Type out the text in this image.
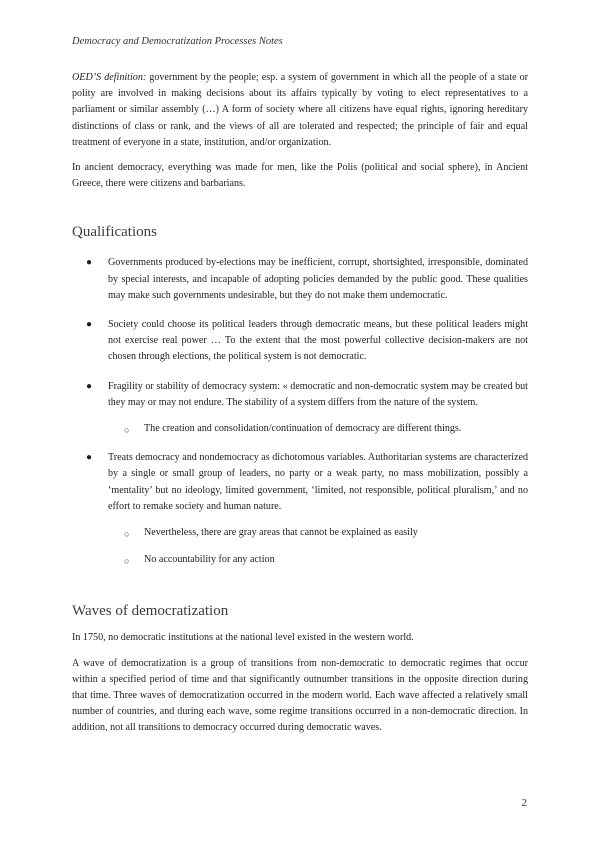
Democracy and Democratization Processes Notes

OED’S definition: government by the people; esp. a system of government in which all the people of a state or polity are involved in making decisions about its affairs typically by voting to elect representatives to a parliament or similar assembly (…) A form of society where all citizens have equal rights, ignoring hereditary distinctions of class or rank, and the views of all are tolerated and respected; the principle of fair and equal treatment of everyone in a state, institution, and/or organization.

In ancient democracy, everything was made for men, like the Polis (political and social sphere), in Ancient Greece, there were citizens and barbarians.

Qualifications
● Governments produced by-elections may be inefficient, corrupt, shortsighted, irresponsible, dominated by special interests, and incapable of adopting policies demanded by the public good. These qualities may make such governments undesirable, but they do not make them undemocratic.
● Society could choose its political leaders through democratic means, but these political leaders might not exercise real power … To the extent that the most powerful collective decision-makers are not chosen through elections, the political system is not democratic.
● Fragility or stability of democracy system: « democratic and non-democratic system may be created but they may or may not endure. The stability of a system differs from the nature of the system.
○ The creation and consolidation/continuation of democracy are different things.
● Treats democracy and nondemocracy as dichotomous variables. Authoritarian systems are characterized by a single or small group of leaders, no party or a weak party, no mass mobilization, possibly a ‘mentality’ but no ideology, limited government, ‘limited, not responsible, political pluralism,’ and no effort to remake society and human nature.
○ Nevertheless, there are gray areas that cannot be explained as easily
○ No accountability for any action
Waves of democratization

In 1750, no democratic institutions at the national level existed in the western world.

A wave of democratization is a group of transitions from non-democratic to democratic regimes that occur within a specified period of time and that significantly outnumber transitions in the opposite direction during that time. Three waves of democratization occurred in the modern world. Each wave affected a relatively small number of countries, and during each wave, some regime transitions occurred in a non-democratic direction. In addition, not all transitions to democracy occurred during democratic waves.

2
